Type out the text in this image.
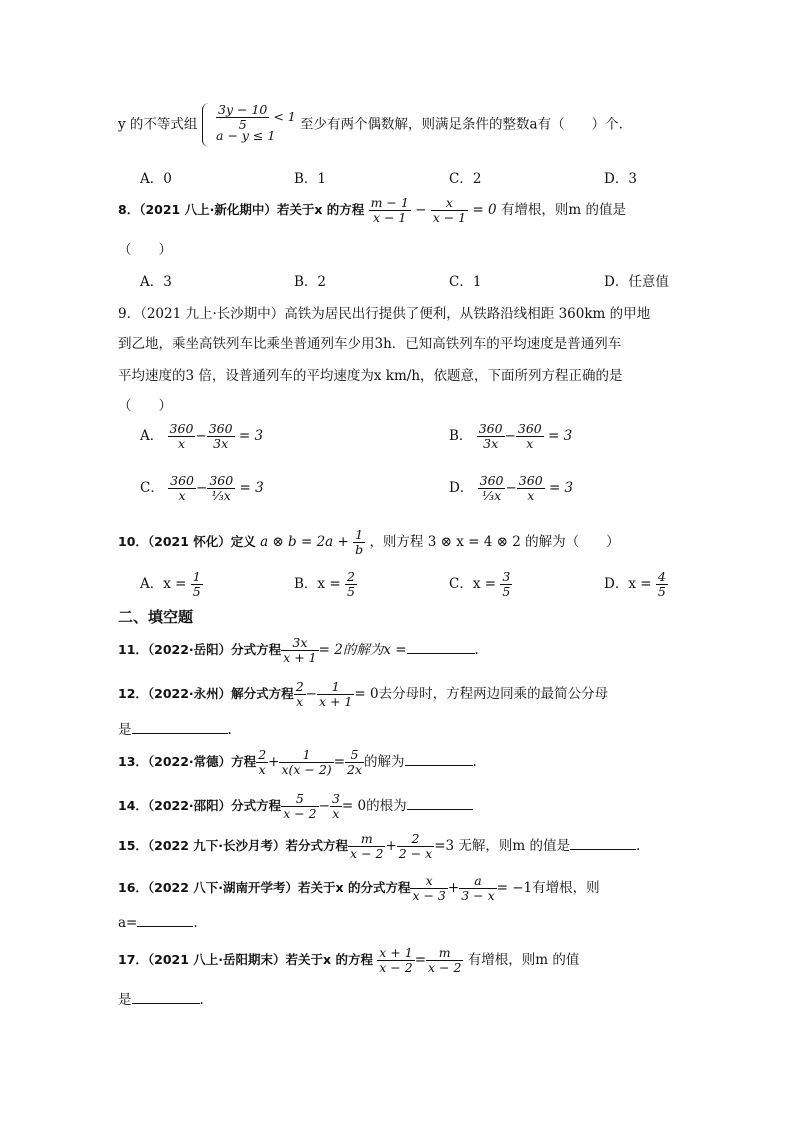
y 的不等式组 $\frac{3y - 10}{5} < 1$
a − y ≤ 1
至少有两个偶数解，则满足条件的整数a有（　　）个.
A．0	B．1	C．2	D．3
8．（2021 八上·新化期中）若关于x 的方程 $\frac{m - 1}{x - 1} - \frac{x}{x - 1} = 0$ 有增根，则m 的值是
（　　）
A．3	B．2	C．1	D．任意值
9．（2021 九上·长沙期中）高铁为居民出行提供了便利，从铁路沿线相距 360km 的甲地
到乙地，乘坐高铁列车比乘坐普通列车少用3h．已知高铁列车的平均速度是普通列车
平均速度的3 倍，设普通列车的平均速度为x km/h，依题意，下面所列方程正确的是
（　　）
A． $\frac{360}{x} - \frac{360}{3x} = 3$	B． $\frac{360}{3x} - \frac{360}{x} = 3$
C． $\frac{360}{x} - \frac{360}{\text{⅓x}} = 3$	D． $\frac{360}{\text{⅓x}} - \frac{360}{x} = 3$
10．（2021 怀化）定义 a ⊗ $b = 2a + \frac{1}{b}$ ，则方程 3 ⊗ x = 4 ⊗ 2 的解为（　　）
A．$x = \frac{1}{5}$	B．$x = \frac{2}{5}$	C．$x = \frac{3}{5}$	D．$x = \frac{4}{5}$
二、填空题
11．（2022·岳阳）分式方程 $\frac{3x}{x + 1} = 2$的解为x =	.
12．（2022·永州）解分式方程 $\frac{2}{x} - \frac{1}{x + 1} = 0$去分母时，方程两边同乘的最简公分母
是	.
13．（2022·常德）方程 $\frac{2}{x} + \frac{1}{x(x - 2)} = \frac{5}{2x}$ 的解为	.
14．（2022·邵阳）分式方程 $\frac{5}{x - 2} - \frac{3}{x} = 0$的根为
15．（2022 九下·长沙月考）若分式方程 $\frac{m}{x - 2} + \frac{2}{2 - x} =3$ 无解，则m 的值是	.
16．（2022 八下·湖南开学考）若关于x 的分式方程 $\frac{x}{x - 3} + \frac{a}{3 - x} = -1$有增根，则
a=	.
17．（2021 八上·岳阳期末）若关于x 的方程 $\frac{x + 1}{x - 2} = \frac{m}{x - 2}$ 有增根，则m 的值
是	.
